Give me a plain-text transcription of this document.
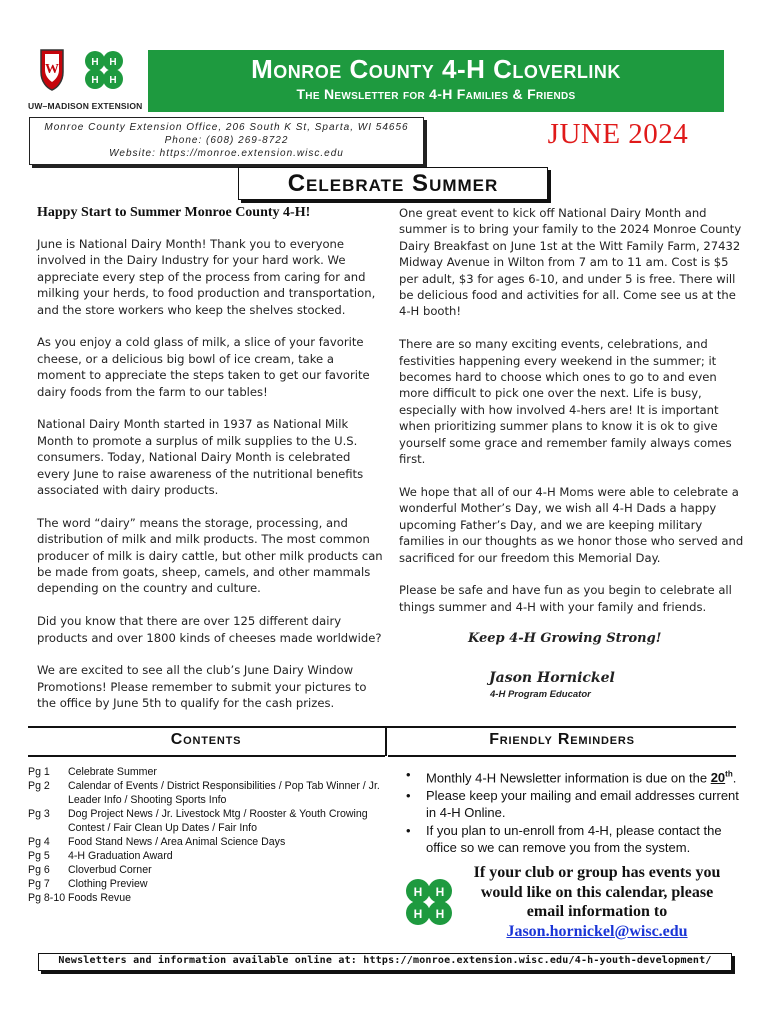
W	H H
H H
UW–MADISON EXTENSION
Monroe County 4-H Cloverlink
The Newsletter for 4-H Families & Friends
Monroe County Extension Office, 206 South K St, Sparta, WI 54656
Phone: (608) 269-8722
Website: https://monroe.extension.wisc.edu
JUNE 2024
Celebrate Summer
Happy Start to Summer Monroe County 4-H!

June is National Dairy Month! Thank you to everyone involved in the Dairy Industry for your hard work. We appreciate every step of the process from caring for and milking your herds, to food production and transportation, and the store workers who keep the shelves stocked.

As you enjoy a cold glass of milk, a slice of your favorite cheese, or a delicious big bowl of ice cream, take a moment to appreciate the steps taken to get our favorite dairy foods from the farm to our tables!

National Dairy Month started in 1937 as National Milk Month to promote a surplus of milk supplies to the U.S. consumers. Today, National Dairy Month is celebrated every June to raise awareness of the nutritional benefits associated with dairy products.

The word “dairy” means the storage, processing, and distribution of milk and milk products. The most common producer of milk is dairy cattle, but other milk products can be made from goats, sheep, camels, and other mammals depending on the country and culture.

Did you know that there are over 125 different dairy products and over 1800 kinds of cheeses made worldwide?

We are excited to see all the club’s June Dairy Window Promotions! Please remember to submit your pictures to the office by June 5th to qualify for the cash prizes.

One great event to kick off National Dairy Month and summer is to bring your family to the 2024 Monroe County Dairy Breakfast on June 1st at the Witt Family Farm, 27432 Midway Avenue in Wilton from 7 am to 11 am. Cost is $5 per adult, $3 for ages 6-10, and under 5 is free. There will be delicious food and activities for all. Come see us at the 4-H booth!

There are so many exciting events, celebrations, and festivities happening every weekend in the summer; it becomes hard to choose which ones to go to and even more difficult to pick one over the next. Life is busy, especially with how involved 4-hers are! It is important when prioritizing summer plans to know it is ok to give yourself some grace and remember family always comes first.

We hope that all of our 4-H Moms were able to celebrate a wonderful Mother’s Day, we wish all 4-H Dads a happy upcoming Father’s Day, and we are keeping military families in our thoughts as we honor those who served and sacrificed for our freedom this Memorial Day.

Please be safe and have fun as you begin to celebrate all things summer and 4-H with your family and friends.

Keep 4-H Growing Strong!
Jason Hornickel
4-H Program Educator
Contents	Friendly Reminders
Pg 1	Celebrate Summer
Pg 2	Calendar of Events / District Responsibilities / Pop Tab Winner / Jr. Leader Info / Shooting Sports Info
Pg 3	Dog Project News / Jr. Livestock Mtg / Rooster & Youth Crowing Contest / Fair Clean Up Dates / Fair Info
Pg 4	Food Stand News / Area Animal Science Days
Pg 5	4-H Graduation Award
Pg 6	Cloverbud Corner
Pg 7	Clothing Preview
Pg 8-10 Foods Revue
• Monthly 4-H Newsletter information is due on the 20th.
• Please keep your mailing and email addresses current in 4-H Online.
• If you plan to un-enroll from 4-H, please contact the office so we can remove you from the system.
H H
H H
If your club or group has events you would like on this calendar, please email information to
Jason.hornickel@wisc.edu
Newsletters and information available online at: https://monroe.extension.wisc.edu/4-h-youth-development/
